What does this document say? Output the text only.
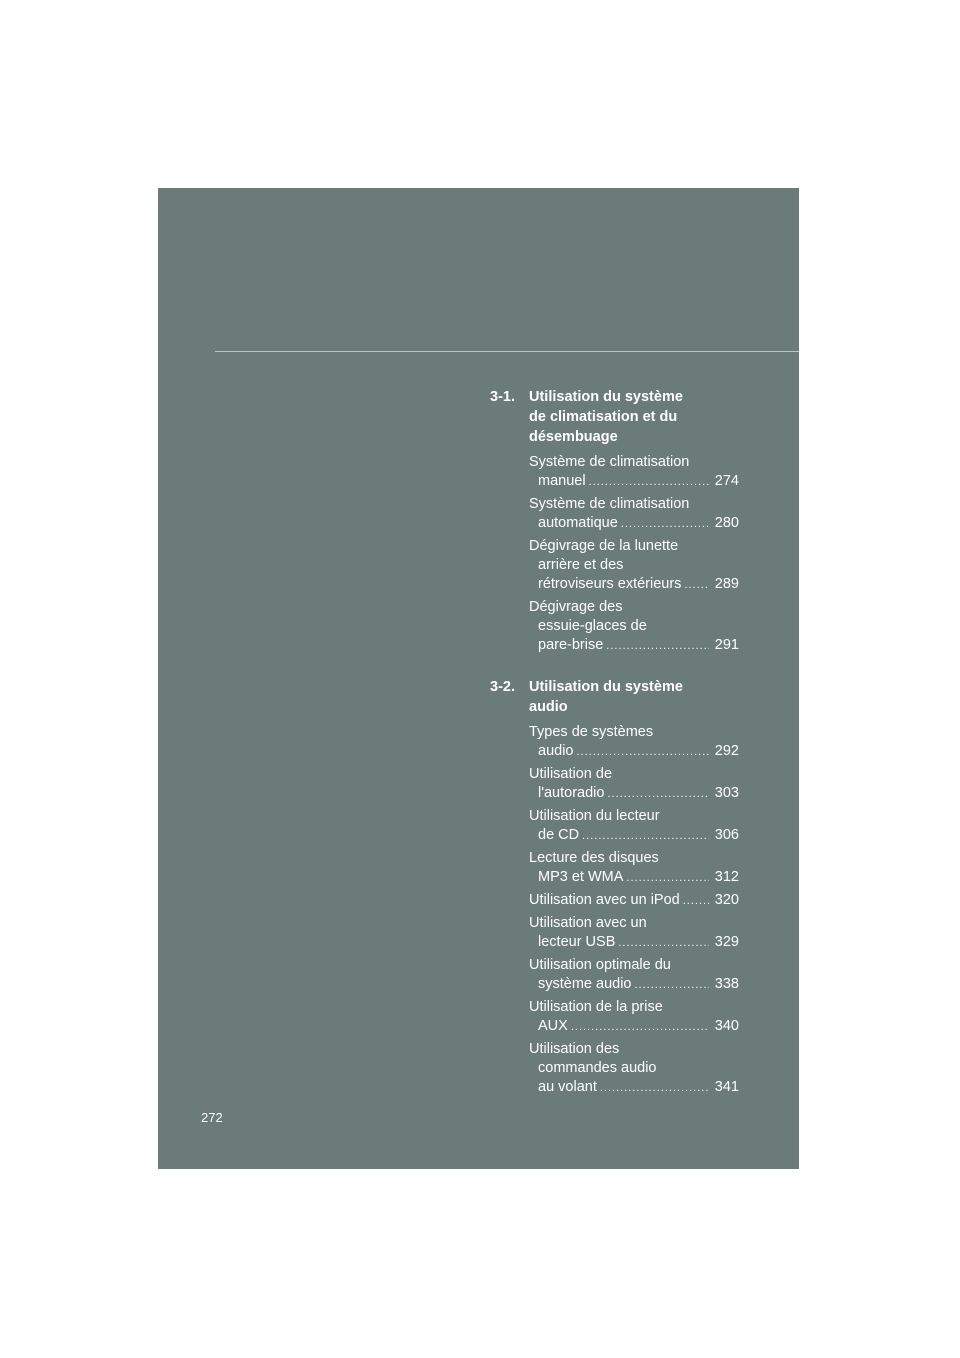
3-1. Utilisation du système
de climatisation et du
désembuage
Système de climatisation
manuel .....	274
Système de climatisation
automatique .....	280
Dégivrage de la lunette
arrière et des
rétroviseurs extérieurs ..... 289
Dégivrage des
essuie-glaces de
pare-brise .....	291
3-2. Utilisation du système
audio
Types de systèmes
audio .....	292
Utilisation de
l'autoradio .....	303
Utilisation du lecteur
de CD .....	306
Lecture des disques
MP3 et WMA .....	312
Utilisation avec un iPod ..... 320
Utilisation avec un
lecteur USB .....	329
Utilisation optimale du
système audio .....	338
Utilisation de la prise
AUX .....	340
Utilisation des
commandes audio
au volant .....	341
272
